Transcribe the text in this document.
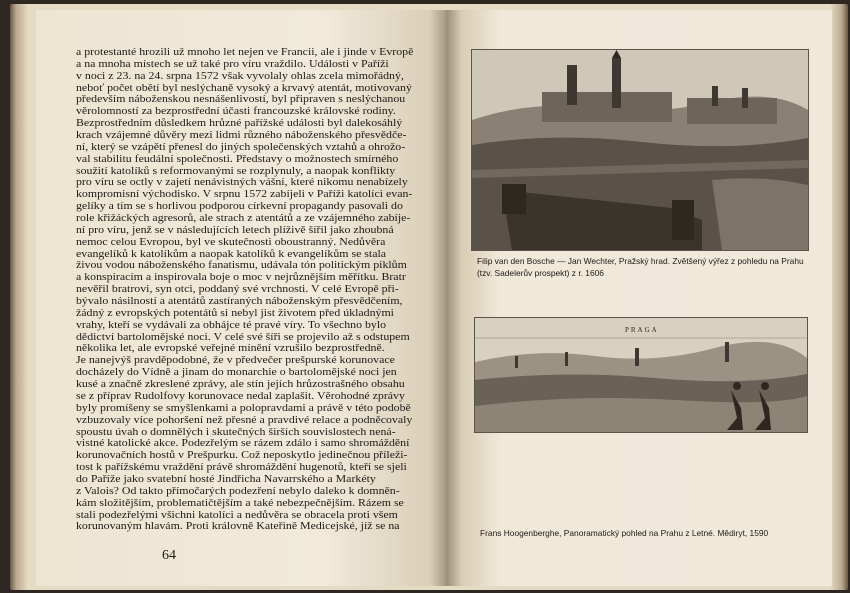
a protestanté hrozili už mnoho let nejen ve Francii, ale i jinde v Evropě
a na mnoha místech se už také pro víru vraždilo. Události v Paříži
v noci z 23. na 24. srpna 1572 však vyvolaly ohlas zcela mimořádný,
neboť počet obětí byl neslýchaně vysoký a krvavý atentát, motivovaný
především náboženskou nesnášenlivostí, byl připraven s neslýchanou
věrolomností za bezprostřední účasti francouzské královské rodiny.
Bezprostředním důsledkem hrůzné pařížské události byl dalekosáhlý
krach vzájemné důvěry mezi lidmi různého náboženského přesvědče-
ní, který se vzápětí přenesl do jiných společenských vztahů a ohrožo-
val stabilitu feudální společnosti. Představy o možnostech smírného
soužití katolíků s reformovanými se rozplynuly, a naopak konflikty
pro víru se octly v zajetí nenávistných vášní, které nikomu nenabízely
kompromisní východisko. V srpnu 1572 zabíjeli v Paříži katolíci evan-
gelíky a tím se s horlivou podporou církevní propagandy pasovali do
role křižáckých agresorů, ale strach z atentátů a ze vzájemného zabíje-
ní pro víru, jenž se v následujících letech plíživě šířil jako zhoubná
nemoc celou Evropou, byl ve skutečnosti oboustranný. Nedůvěra
evangelíků k katolíkům a naopak katolíků k evangelíkům se stala
živou vodou náboženského fanatismu, udávala tón politickým piklům
a konspiracím a inspirovala boje o moc v nejrůznějším měřítku. Bratr
nevěřil bratrovi, syn otci, poddaný své vrchnosti. V celé Evropě při-
bývalo násilností a atentátů zastíraných náboženským přesvědčením,
žádný z evropských potentátů si nebyl jist životem před úkladnými
vrahy, kteří se vydávali za obhájce té pravé víry. To všechno bylo
dědictví bartolomějské noci. V celé své šíři se projevilo až s odstupem
několika let, ale evropské veřejné mínění vzrušilo bezprostředně.
Je nanejvýš pravděpodobné, že v předvečer prešpurské korunovace
docházely do Vídně a jinam do monarchie o bartolomějské noci jen
kusé a značně zkreslené zprávy, ale stín jejích hrůzostrašného obsahu
se z příprav Rudolfovy korunovace nedal zaplašit. Věrohodné zprávy
byly promíšeny se smyšlenkami a polopravdami a právě v této podobě
vzbuzovaly více pohoršení než přesné a pravdivé relace a podněcovaly
spoustu úvah o domnělých i skutečných širších souvislostech nená-
vistné katolické akce. Podezřelým se rázem zdálo i samo shromáždění
korunovačních hostů v Prešpurku. Což neposkytlo jedinečnou příleži-
tost k pařížskému vraždění právě shromáždění hugenotů, kteří se sjeli
do Paříže jako svatební hosté Jindřicha Navarrského a Markéty
z Valois? Od takto přímočarých podezření nebylo daleko k domněn-
kám složitějším, problematičtějším a také nebezpečnějším. Rázem se
stali podezřelými všichni katolíci a nedůvěra se obracela proti všem
korunovaným hlavám. Proti královně Kateřině Medicejské, jíž se na

64

Filip van den Bosche — Jan Wechter, Pražský hrad. Zvětšený výřez z pohledu na Prahu
(tzv. Sadelerův prospekt) z r. 1606

PRAGA

Frans Hoogenberghe, Panoramatický pohled na Prahu z Letné. Mědiryt, 1590
